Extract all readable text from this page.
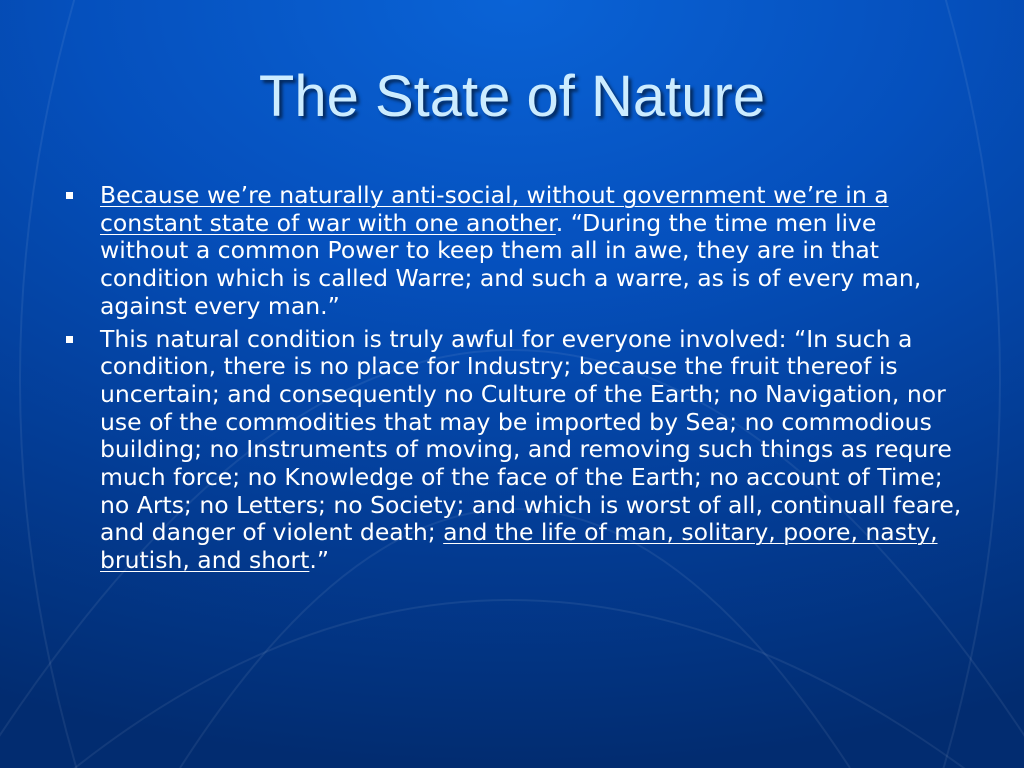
The State of Nature
Because we’re naturally anti-social, without government we’re in a constant state of war with one another. “During the time men live without a common Power to keep them all in awe, they are in that condition which is called Warre; and such a warre, as is of every man, against every man.”
This natural condition is truly awful for everyone involved: “In such a condition, there is no place for Industry; because the fruit thereof is uncertain; and consequently no Culture of the Earth; no Navigation, nor use of the commodities that may be imported by Sea; no commodious building; no Instruments of moving, and removing such things as requre much force; no Knowledge of the face of the Earth; no account of Time; no Arts; no Letters; no Society; and which is worst of all, continuall feare, and danger of violent death; and the life of man, solitary, poore, nasty, brutish, and short.”
